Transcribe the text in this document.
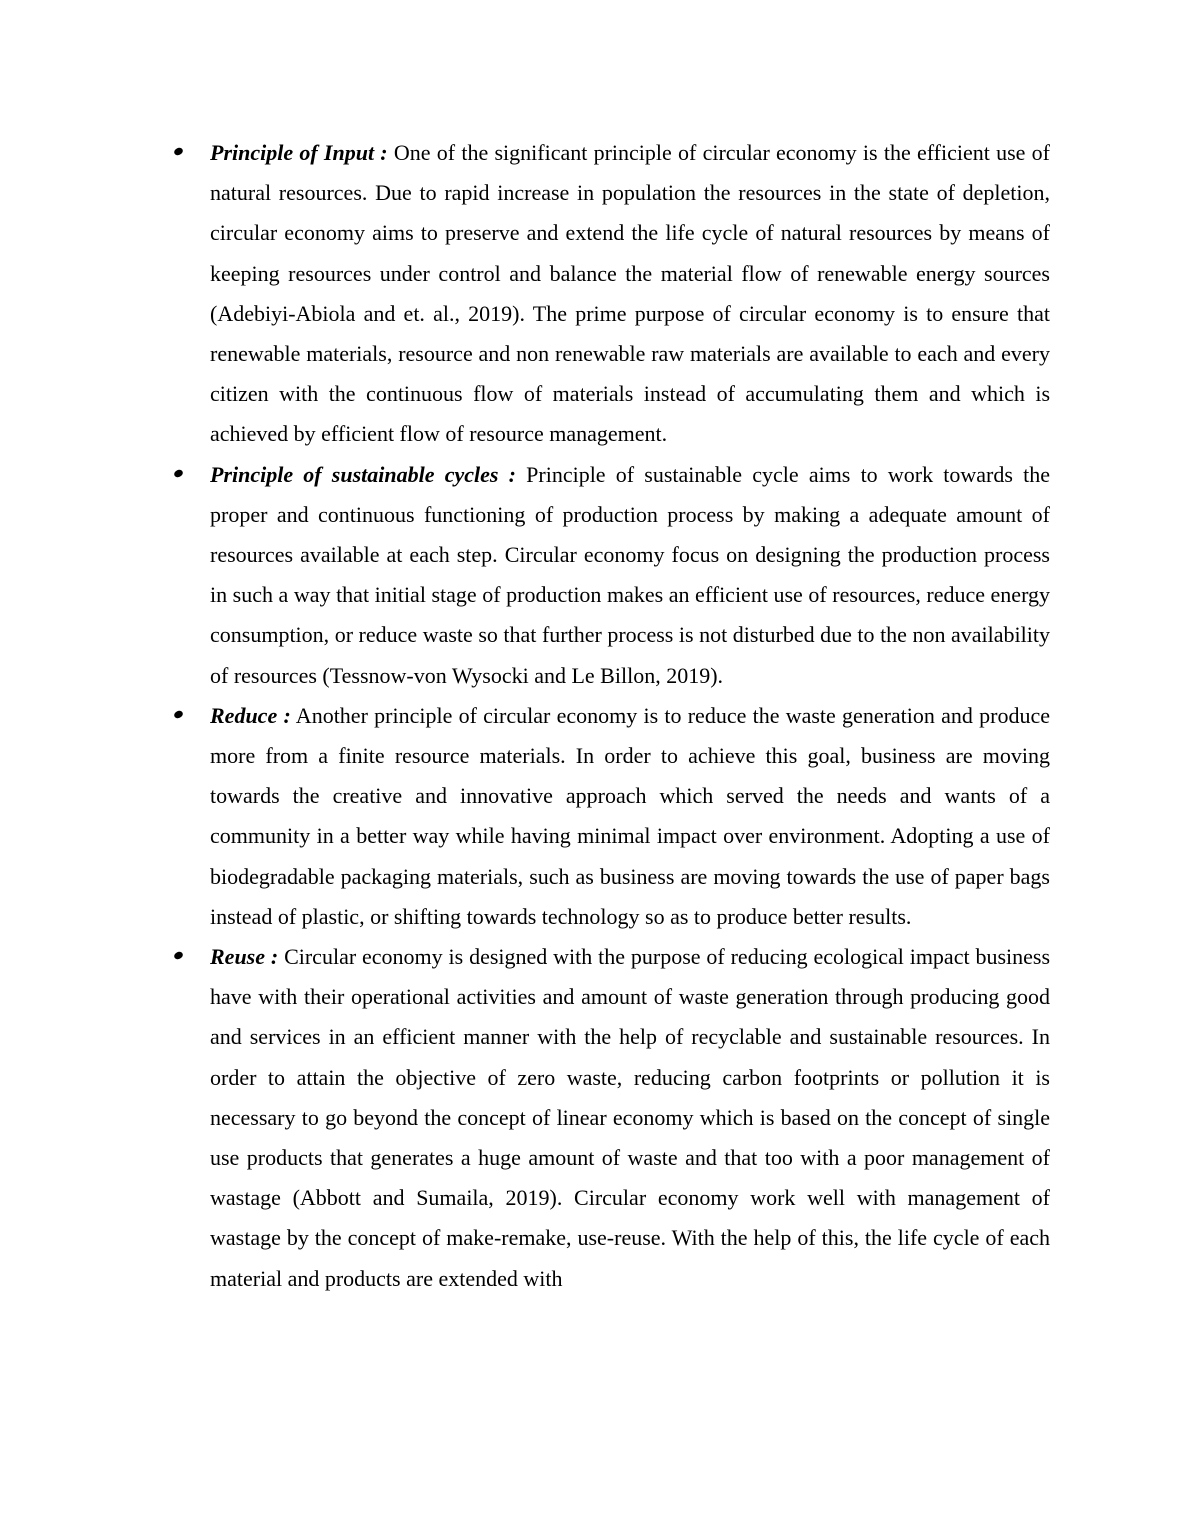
Principle of Input : One of the significant principle of circular economy is the efficient use of natural resources. Due to rapid increase in population the resources in the state of depletion, circular economy aims to preserve and extend the life cycle of natural resources by means of keeping resources under control and balance the material flow of renewable energy sources (Adebiyi-Abiola and et. al., 2019). The prime purpose of circular economy is to ensure that renewable materials, resource and non renewable raw materials are available to each and every citizen with the continuous flow of materials instead of accumulating them and which is achieved by efficient flow of resource management.
Principle of sustainable cycles : Principle of sustainable cycle aims to work towards the proper and continuous functioning of production process by making a adequate amount of resources available at each step. Circular economy focus on designing the production process in such a way that initial stage of production makes an efficient use of resources, reduce energy consumption, or reduce waste so that further process is not disturbed due to the non availability of resources (Tessnow-von Wysocki and Le Billon, 2019).
Reduce : Another principle of circular economy is to reduce the waste generation and produce more from a finite resource materials. In order to achieve this goal, business are moving towards the creative and innovative approach which served the needs and wants of a community in a better way while having minimal impact over environment. Adopting a use of biodegradable packaging materials, such as business are moving towards the use of paper bags instead of plastic, or shifting towards technology so as to produce better results.
Reuse : Circular economy is designed with the purpose of reducing ecological impact business have with their operational activities and amount of waste generation through producing good and services in an efficient manner with the help of recyclable and sustainable resources. In order to attain the objective of zero waste, reducing carbon footprints or pollution it is necessary to go beyond the concept of linear economy which is based on the concept of single use products that generates a huge amount of waste and that too with a poor management of wastage (Abbott and Sumaila, 2019). Circular economy work well with management of wastage by the concept of make-remake, use-reuse. With the help of this, the life cycle of each material and products are extended with
